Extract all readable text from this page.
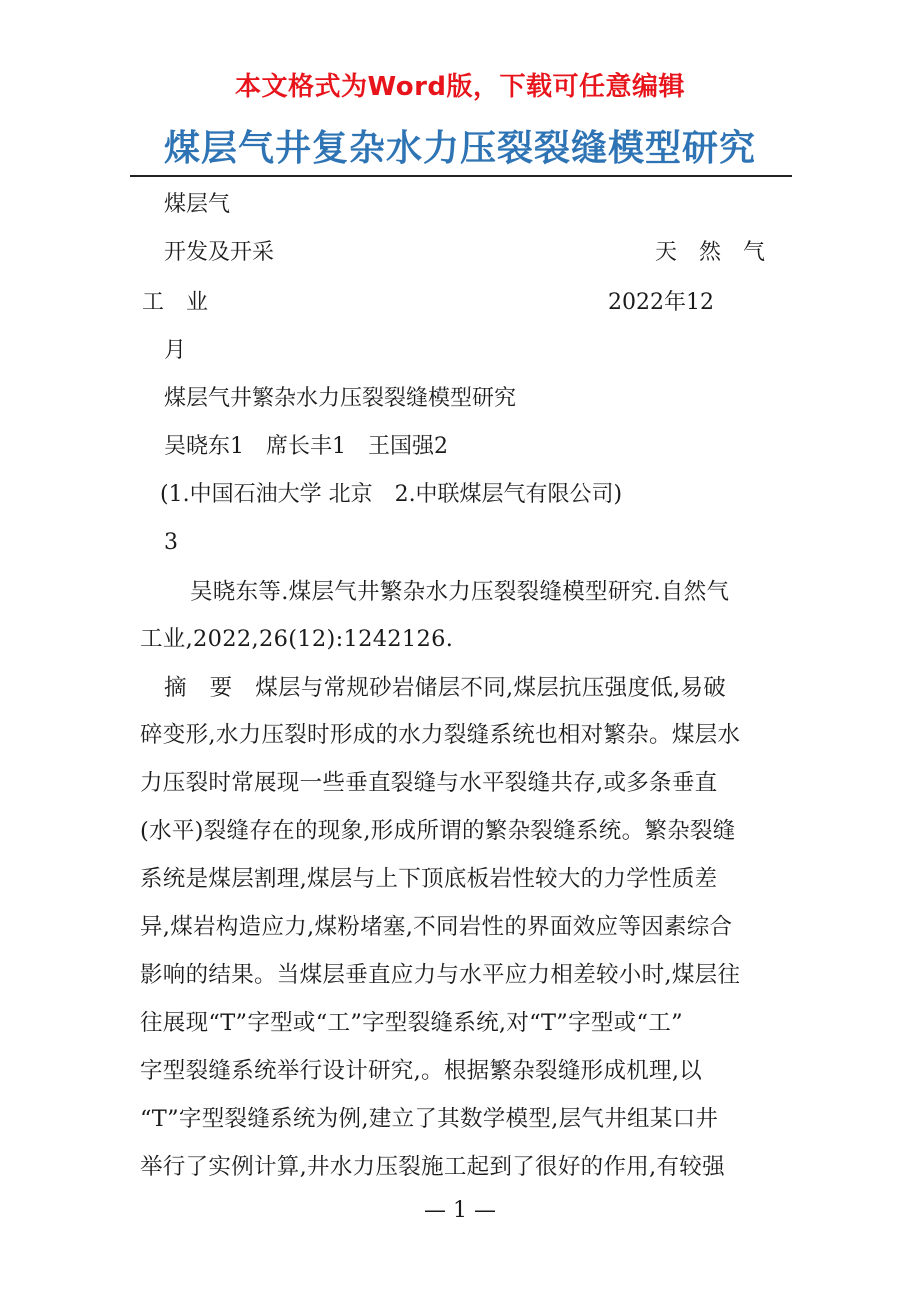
本文格式为Word版，下载可任意编辑
煤层气井复杂水力压裂裂缝模型研究
煤层气
开发及开采	天　然　气
工　业	2022年12
月
煤层气井繁杂水力压裂裂缝模型研究
吴晓东1　席长丰1　王国强2
(1.中国石油大学 北京　2.中联煤层气有限公司)
3
吴晓东等.煤层气井繁杂水力压裂裂缝模型研究.自然气
工业,2022,26(12):1242126.
摘　要　煤层与常规砂岩储层不同,煤层抗压强度低,易破
碎变形,水力压裂时形成的水力裂缝系统也相对繁杂。煤层水
力压裂时常展现一些垂直裂缝与水平裂缝共存,或多条垂直
(水平)裂缝存在的现象,形成所谓的繁杂裂缝系统。繁杂裂缝
系统是煤层割理,煤层与上下顶底板岩性较大的力学性质差
异,煤岩构造应力,煤粉堵塞,不同岩性的界面效应等因素综合
影响的结果。当煤层垂直应力与水平应力相差较小时,煤层往
往展现“T”字型或“工”字型裂缝系统,对“T”字型或“工”
字型裂缝系统举行设计研究,。根据繁杂裂缝形成机理,以
“T”字型裂缝系统为例,建立了其数学模型,层气井组某口井
举行了实例计算,井水力压裂施工起到了很好的作用,有较强
— 1 —
